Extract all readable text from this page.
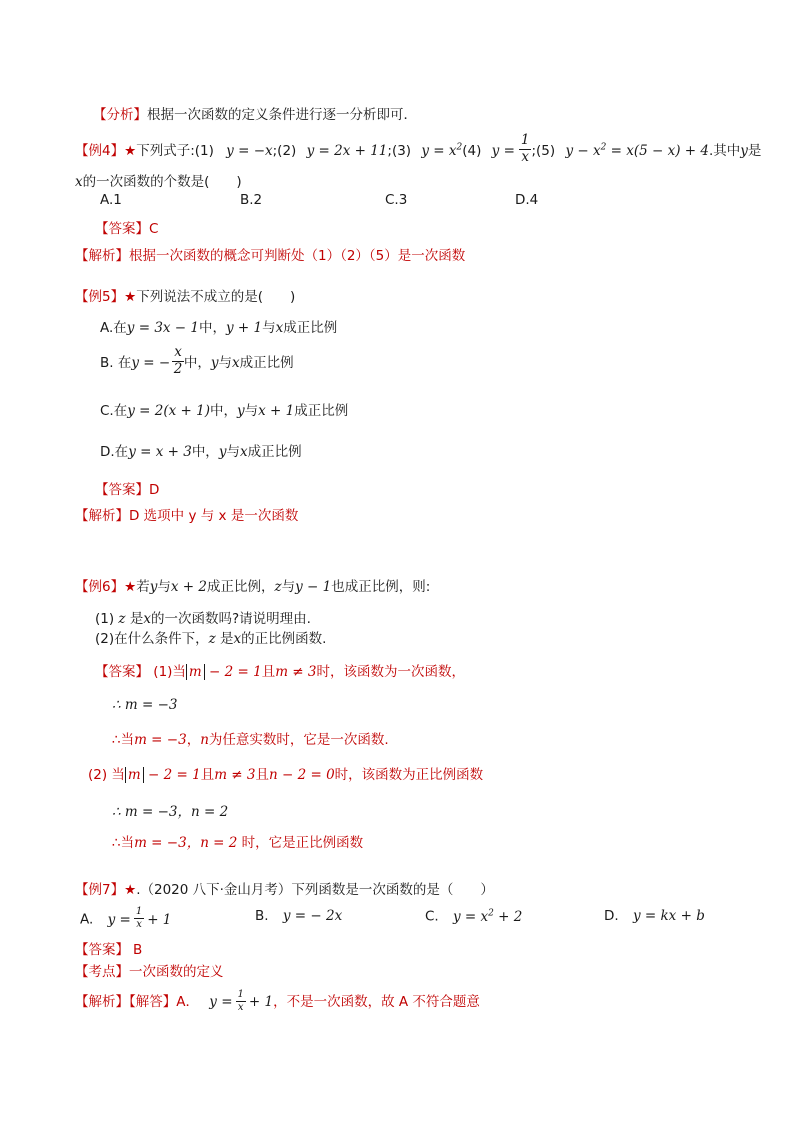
【分析】根据一次函数的定义条件进行逐一分析即可．
【例4】★下列式子:(1) y = −x;(2) y = 2x + 11;(3) $y = x^2(4) y = \frac{1}{x}$ ;(5) $y - x^2 = x(5 - x) + 4$.其中y是
x的一次函数的个数是(　　)
A.1	B.2	C.3	D.4
【答案】C
【解析】根据一次函数的概念可判断处（1）（2）（5）是一次函数
【例5】★下列说法不成立的是(　　)
A.在y = 3x − 1中，y + 1与x成正比例
B. 在y = − $\frac{x}{2}$ 中，y与x成正比例
C.在y = 2(x + 1)中，y与x + 1成正比例
D.在y = x + 3中，y与x成正比例
【答案】D
【解析】D 选项中 y 与 x 是一次函数
【例6】★若y与x + 2成正比例，z与y − 1也成正比例，则:
(1) z 是x的一次函数吗?请说明理由.
(2)在什么条件下，z 是x的正比例函数.
【答案】 (1)当 m − 2 = 1且m ≠ 3时，该函数为一次函数，
∴ m = −3
∴当m = −3，n为任意实数时，它是一次函数.
(2) 当 m − 2 = 1且m ≠ 3且n − 2 = 0时，该函数为正比例函数
∴ m = −3，n = 2
∴当m = −3，n = 2 时，它是正比例函数
【例7】★.（2020 八下·金山月考）下列函数是一次函数的是（　　）
A. $y = \frac{1}{x} + 1$	B. y = − 2x	C. $y = x^2 + 2$	D. y = kx + b
【答案】 B
【考点】一次函数的定义
【解析】【解答】A． $y = \frac{1}{x} + 1$，不是一次函数，故 A 不符合题意
